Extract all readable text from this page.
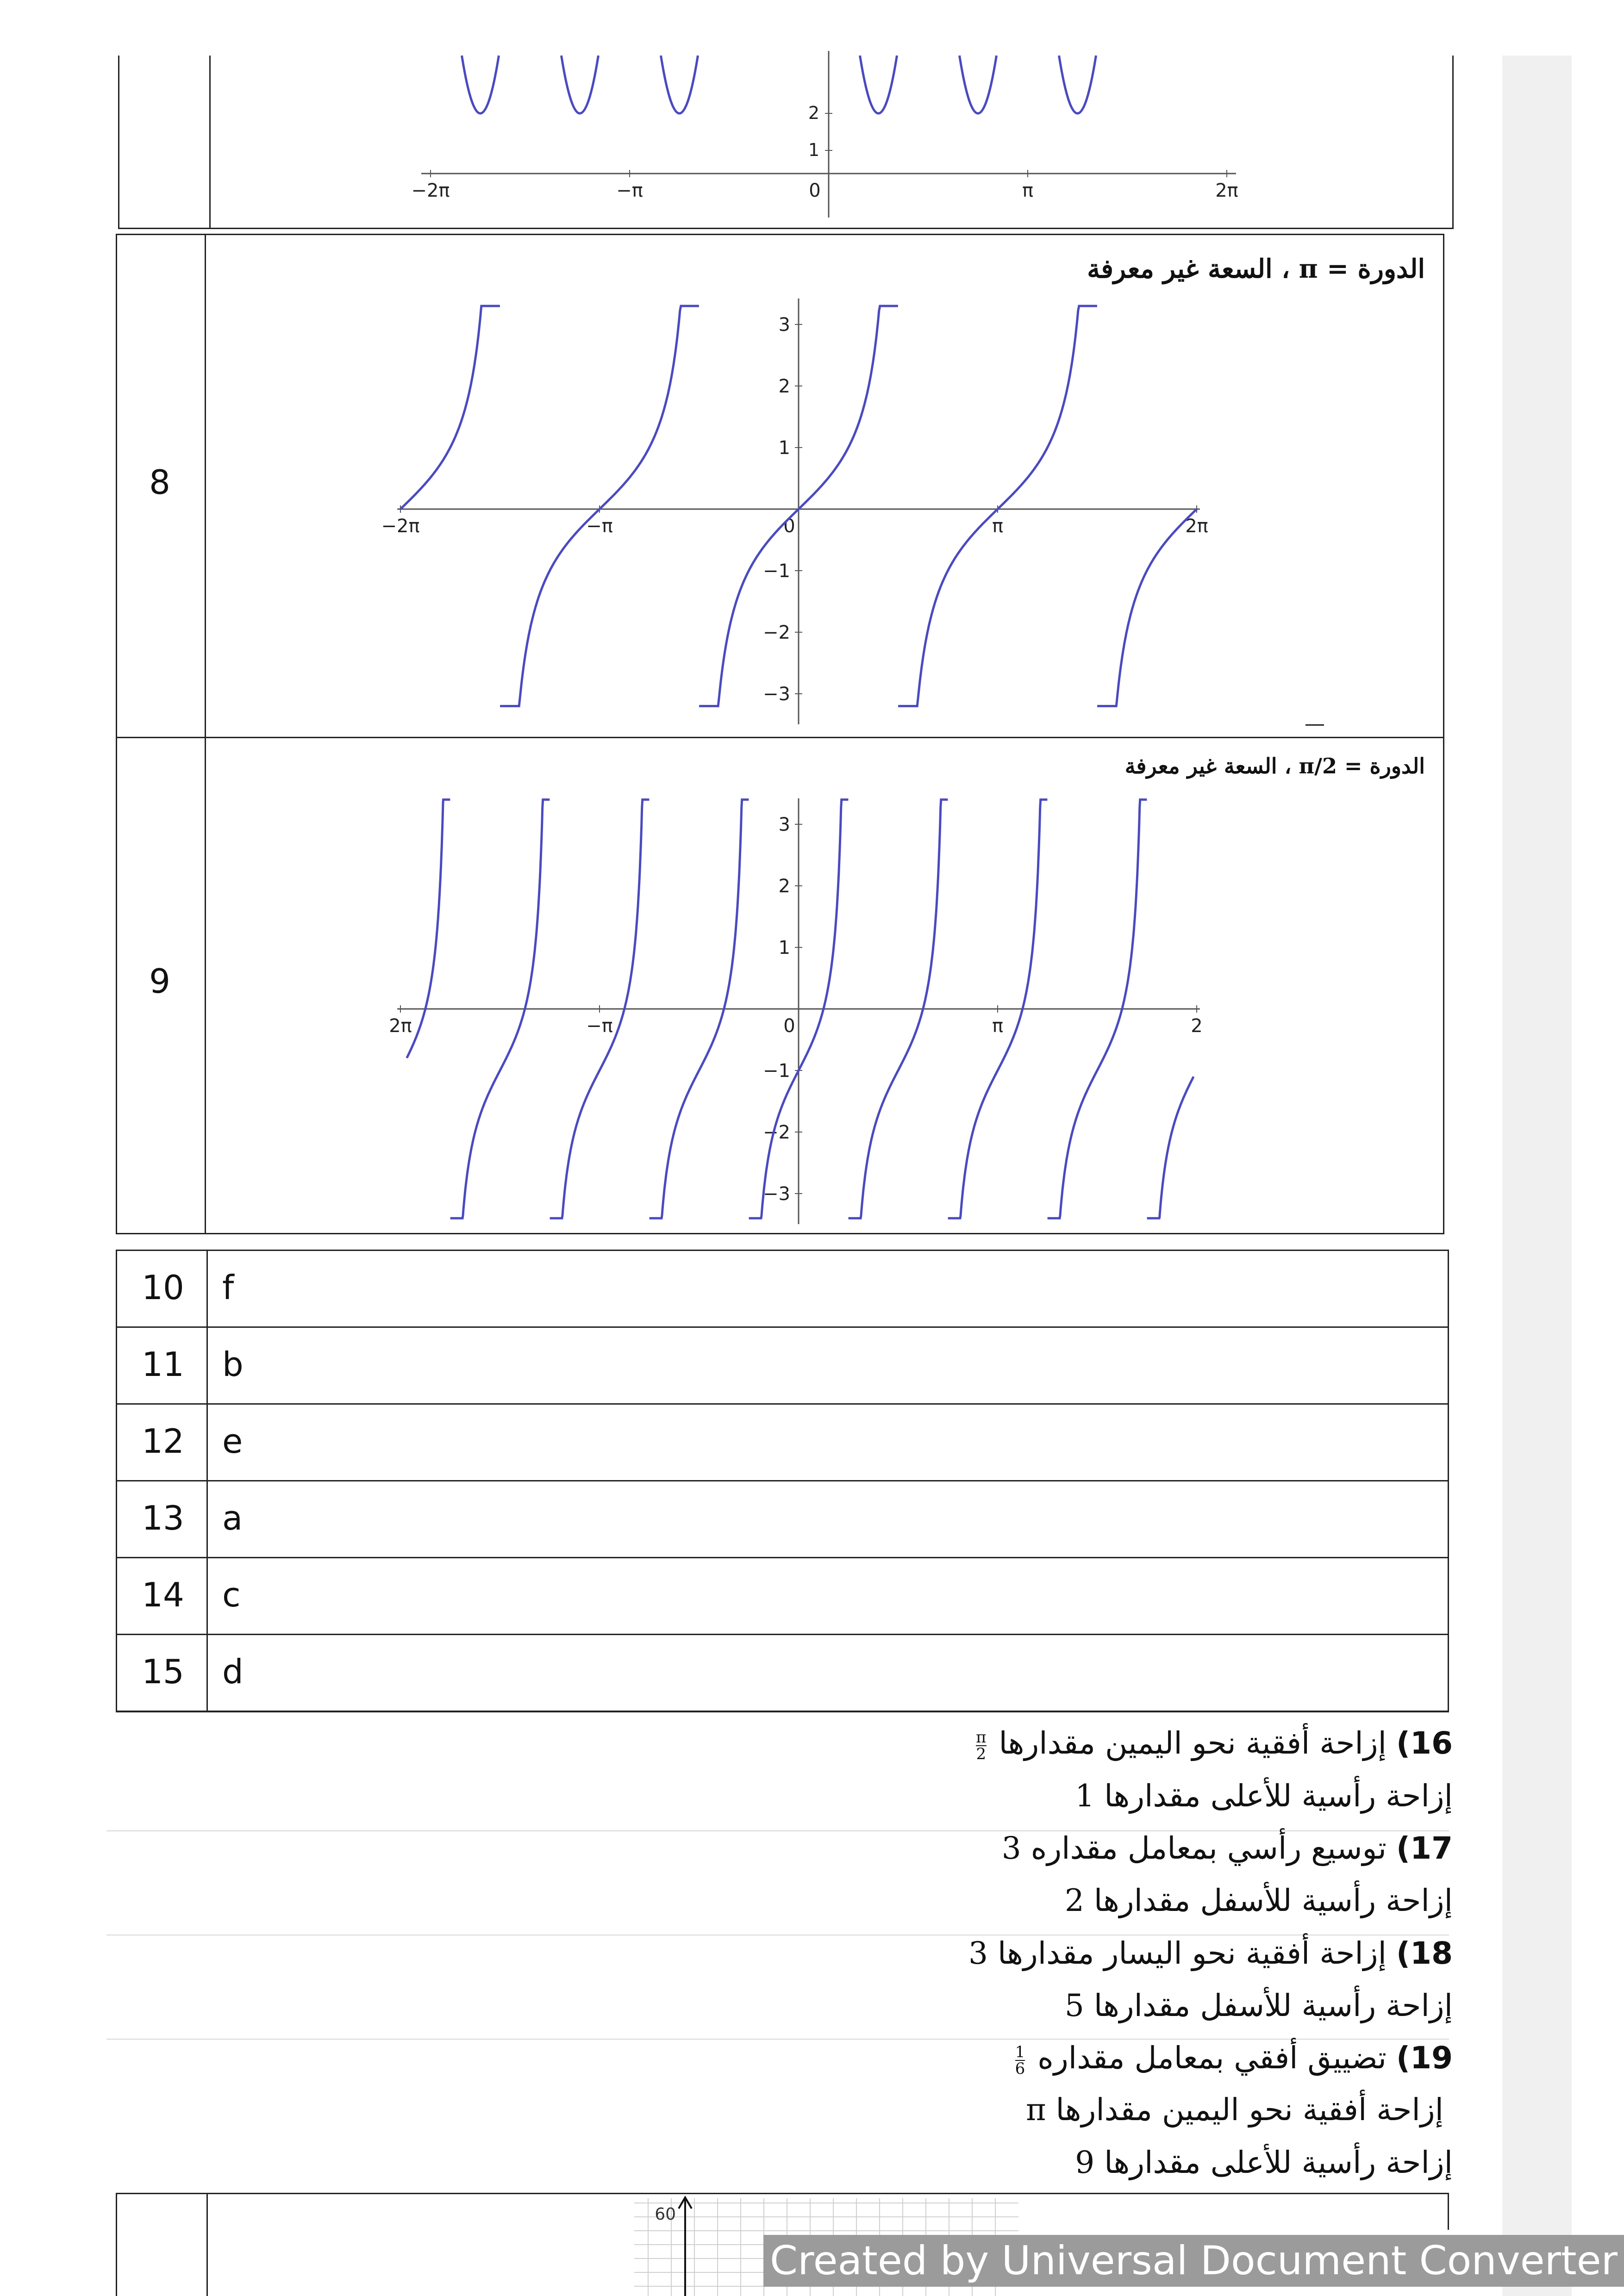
−2π	−π	0	π	2π
1
2
8
الدورة = π ، السعة غير معرفة
−2π	−π	0	π	2π
3
2
1
−1
−2
−3
9
الدورة = π/2 ، السعة غير معرفة
2π	−π	0	π	2
3
2
1
−1
−2
−3
10	f
11	b
12	e
13	a
14	c
15	d
16) إزاحة أفقية نحو اليمين مقدارها
$\frac{\pi}{2}$
إزاحة رأسية للأعلى مقدارها 1
17) توسيع رأسي بمعامل مقداره 3
إزاحة رأسية للأسفل مقدارها 2
18) إزاحة أفقية نحو اليسار مقدارها 3
إزاحة رأسية للأسفل مقدارها 5
19) تضييق أفقي بمعامل مقداره
$\frac{1}{6}$
إزاحة أفقية نحو اليمين مقدارها π
إزاحة رأسية للأعلى مقدارها 9
60
Created by Universal Document Converter
